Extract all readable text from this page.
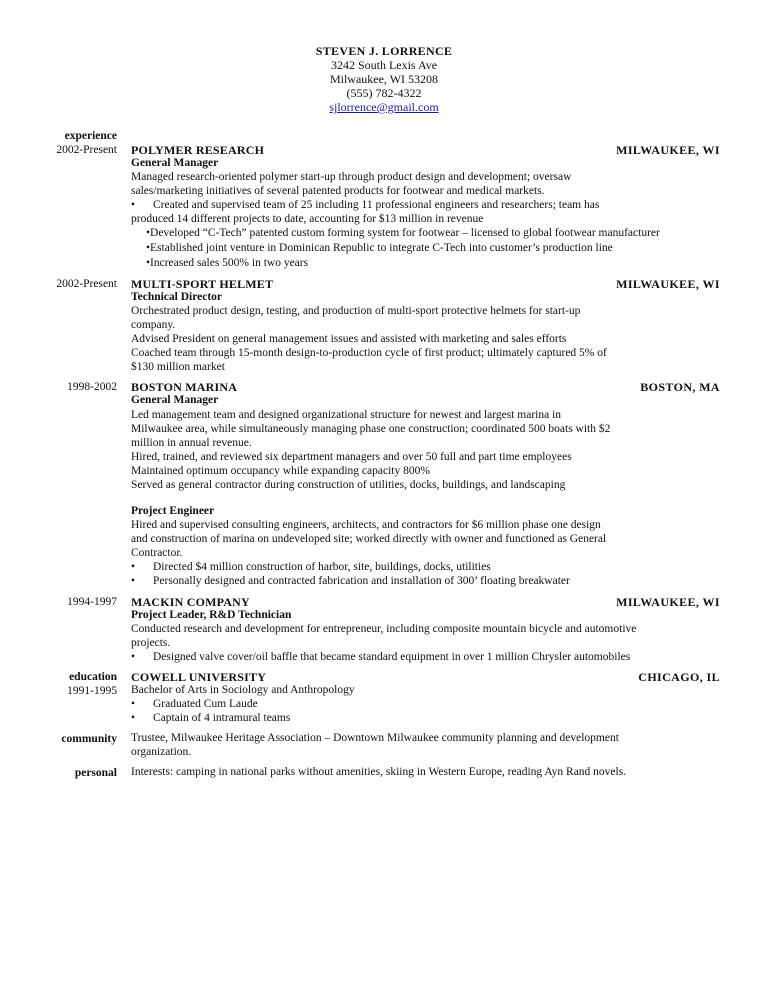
STEVEN J. LORRENCE
3242 South Lexis Ave
Milwaukee, WI 53208
(555) 782-4322
sjlorrence@gmail.com
experience
2002-Present POLYMER RESEARCH	MILWAUKEE, WI
General Manager
Managed research-oriented polymer start-up through product design and development; oversaw
sales/marketing initiatives of several patented products for footwear and medical markets.
• Created and supervised team of 25 including 11 professional engineers and researchers; team has
produced 14 different projects to date, accounting for $13 million in revenue
•Developed “C-Tech” patented custom forming system for footwear – licensed to global footwear manufacturer
•Established joint venture in Dominican Republic to integrate C-Tech into customer’s production line
•Increased sales 500% in two years
2002-Present MULTI-SPORT HELMET	MILWAUKEE, WI
Technical Director
Orchestrated product design, testing, and production of multi-sport protective helmets for start-up
company.
Advised President on general management issues and assisted with marketing and sales efforts
Coached team through 15-month design-to-production cycle of first product; ultimately captured 5% of
$130 million market
1998-2002 BOSTON MARINA	BOSTON, MA
General Manager
Led management team and designed organizational structure for newest and largest marina in
Milwaukee area, while simultaneously managing phase one construction; coordinated 500 boats with $2
million in annual revenue.
Hired, trained, and reviewed six department managers and over 50 full and part time employees
Maintained optimum occupancy while expanding capacity 800%
Served as general contractor during construction of utilities, docks, buildings, and landscaping
Project Engineer
Hired and supervised consulting engineers, architects, and contractors for $6 million phase one design
and construction of marina on undeveloped site; worked directly with owner and functioned as General
Contractor.
• Directed $4 million construction of harbor, site, buildings, docks, utilities
• Personally designed and contracted fabrication and installation of 300’ floating breakwater
1994-1997 MACKIN COMPANY	MILWAUKEE, WI
Project Leader, R&D Technician
Conducted research and development for entrepreneur, including composite mountain bicycle and automotive
projects.
• Designed valve cover/oil baffle that became standard equipment in over 1 million Chrysler automobiles
education COWELL UNIVERSITY	CHICAGO, IL
1991-1995 Bachelor of Arts in Sociology and Anthropology
• Graduated Cum Laude
• Captain of 4 intramural teams
community Trustee, Milwaukee Heritage Association – Downtown Milwaukee community planning and development
organization.
personal Interests: camping in national parks without amenities, skiing in Western Europe, reading Ayn Rand novels.
